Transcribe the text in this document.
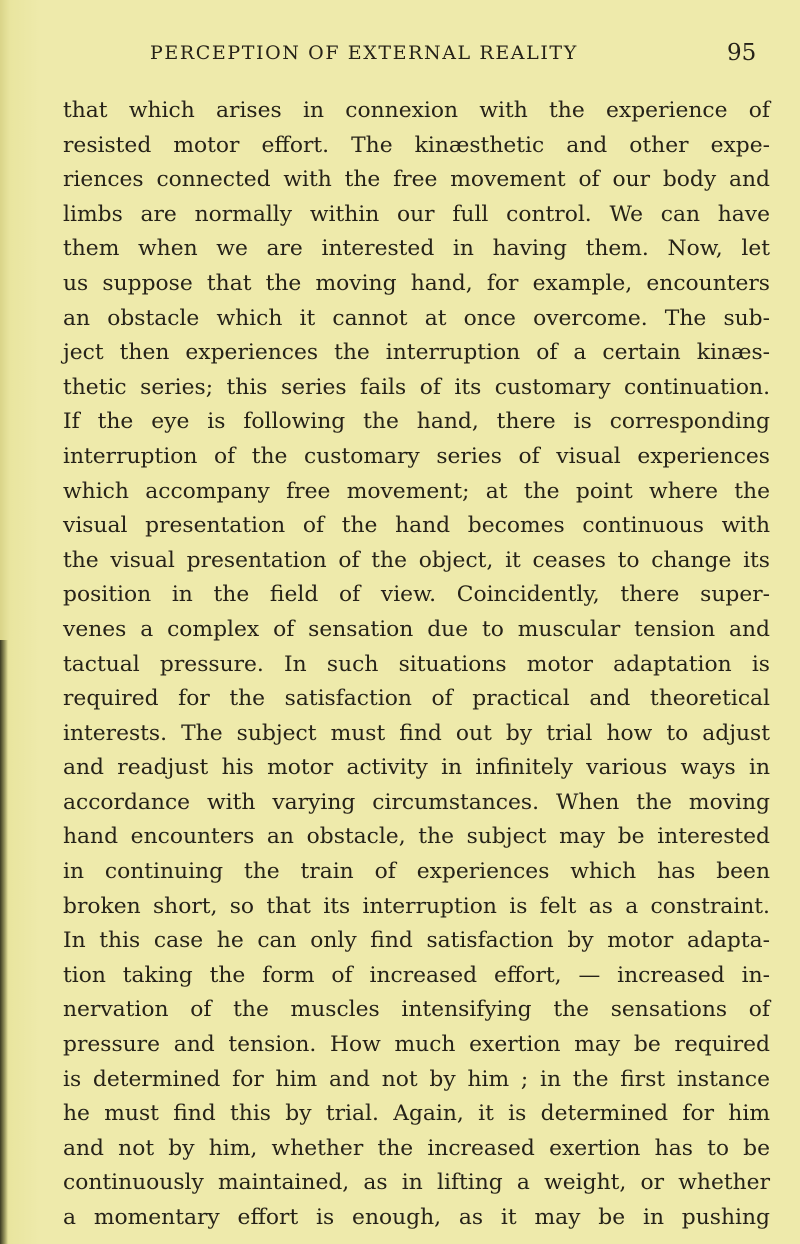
PERCEPTION OF EXTERNAL REALITY	95
that which arises in connexion with the experience of
resisted motor effort. The kinæsthetic and other expe-
riences connected with the free movement of our body and
limbs are normally within our full control. We can have
them when we are interested in having them. Now, let
us suppose that the moving hand, for example, encounters
an obstacle which it cannot at once overcome. The sub-
ject then experiences the interruption of a certain kinæs-
thetic series; this series fails of its customary continuation.
If the eye is following the hand, there is corresponding
interruption of the customary series of visual experiences
which accompany free movement; at the point where the
visual presentation of the hand becomes continuous with
the visual presentation of the object, it ceases to change its
position in the field of view. Coincidently, there super-
venes a complex of sensation due to muscular tension and
tactual pressure. In such situations motor adaptation is
required for the satisfaction of practical and theoretical
interests. The subject must find out by trial how to adjust
and readjust his motor activity in infinitely various ways in
accordance with varying circumstances. When the moving
hand encounters an obstacle, the subject may be interested
in continuing the train of experiences which has been
broken short, so that its interruption is felt as a constraint.
In this case he can only find satisfaction by motor adapta-
tion taking the form of increased effort, — increased in-
nervation of the muscles intensifying the sensations of
pressure and tension. How much exertion may be required
is determined for him and not by him ; in the first instance
he must find this by trial. Again, it is determined for him
and not by him, whether the increased exertion has to be
continuously maintained, as in lifting a weight, or whether
a momentary effort is enough, as it may be in pushing
